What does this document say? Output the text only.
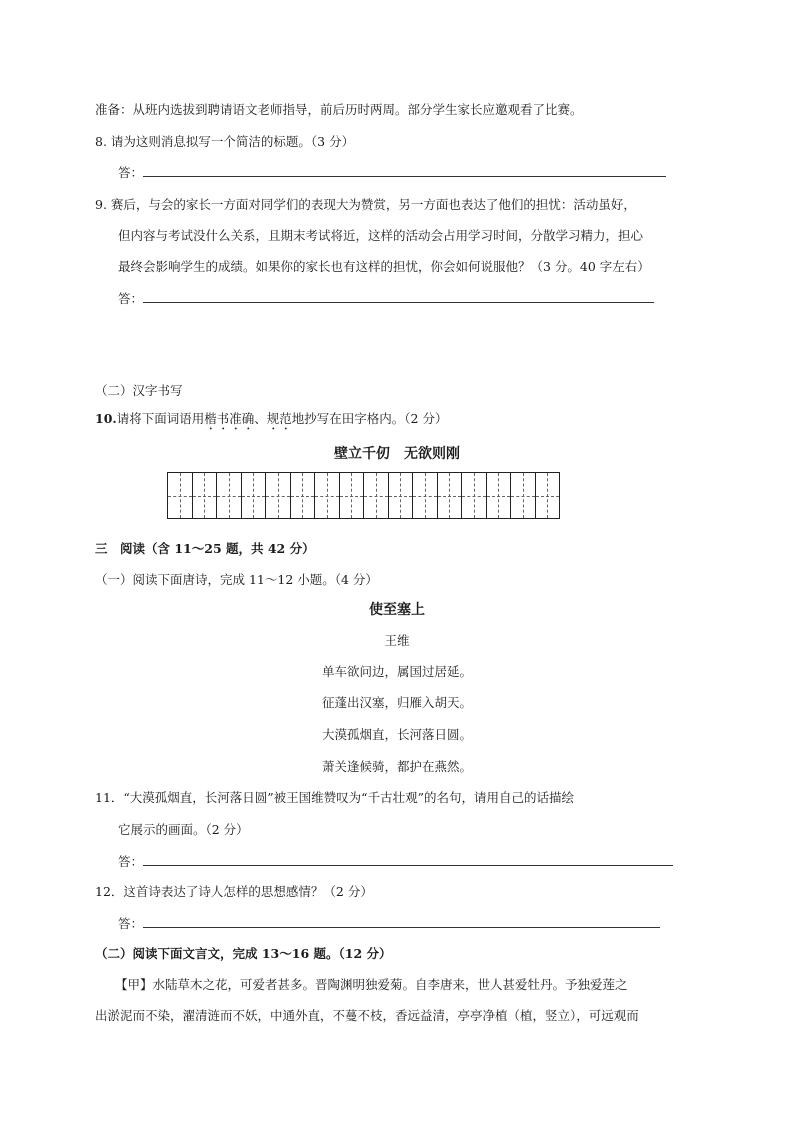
准备：从班内选拔到聘请语文老师指导，前后历时两周。部分学生家长应邀观看了比赛。
8. 请为这则消息拟写一个简洁的标题。（3 分）
答：
9. 赛后，与会的家长一方面对同学们的表现大为赞赏，另一方面也表达了他们的担忧：活动虽好，
但内容与考试没什么关系，且期末考试将近，这样的活动会占用学习时间，分散学习精力，担心
最终会影响学生的成绩。如果你的家长也有这样的担忧，你会如何说服他？（3 分。40 字左右）
答：
（二）汉字书写
10.请将下面词语用楷书准确、规范地抄写在田字格内。（2 分）
壁立千仞　无欲则刚
三　阅读（含 11～25 题，共 42 分）
（一）阅读下面唐诗，完成 11～12 小题。（4 分）
使至塞上
王维
单车欲问边，属国过居延。
征蓬出汉塞，归雁入胡天。
大漠孤烟直，长河落日圆。
萧关逢候骑，都护在燕然。
11．“大漠孤烟直，长河落日圆”被王国维赞叹为“千古壮观”的名句，请用自己的话描绘
它展示的画面。（2 分）
答：
12．这首诗表达了诗人怎样的思想感情？（2 分）
答：
（二）阅读下面文言文，完成 13～16 题。（12 分）
【甲】水陆草木之花，可爱者甚多。晋陶渊明独爱菊。自李唐来，世人甚爱牡丹。予独爱莲之
出淤泥而不染，濯清涟而不妖，中通外直，不蔓不枝，香远益清，亭亭净植（植，竖立），可远观而
